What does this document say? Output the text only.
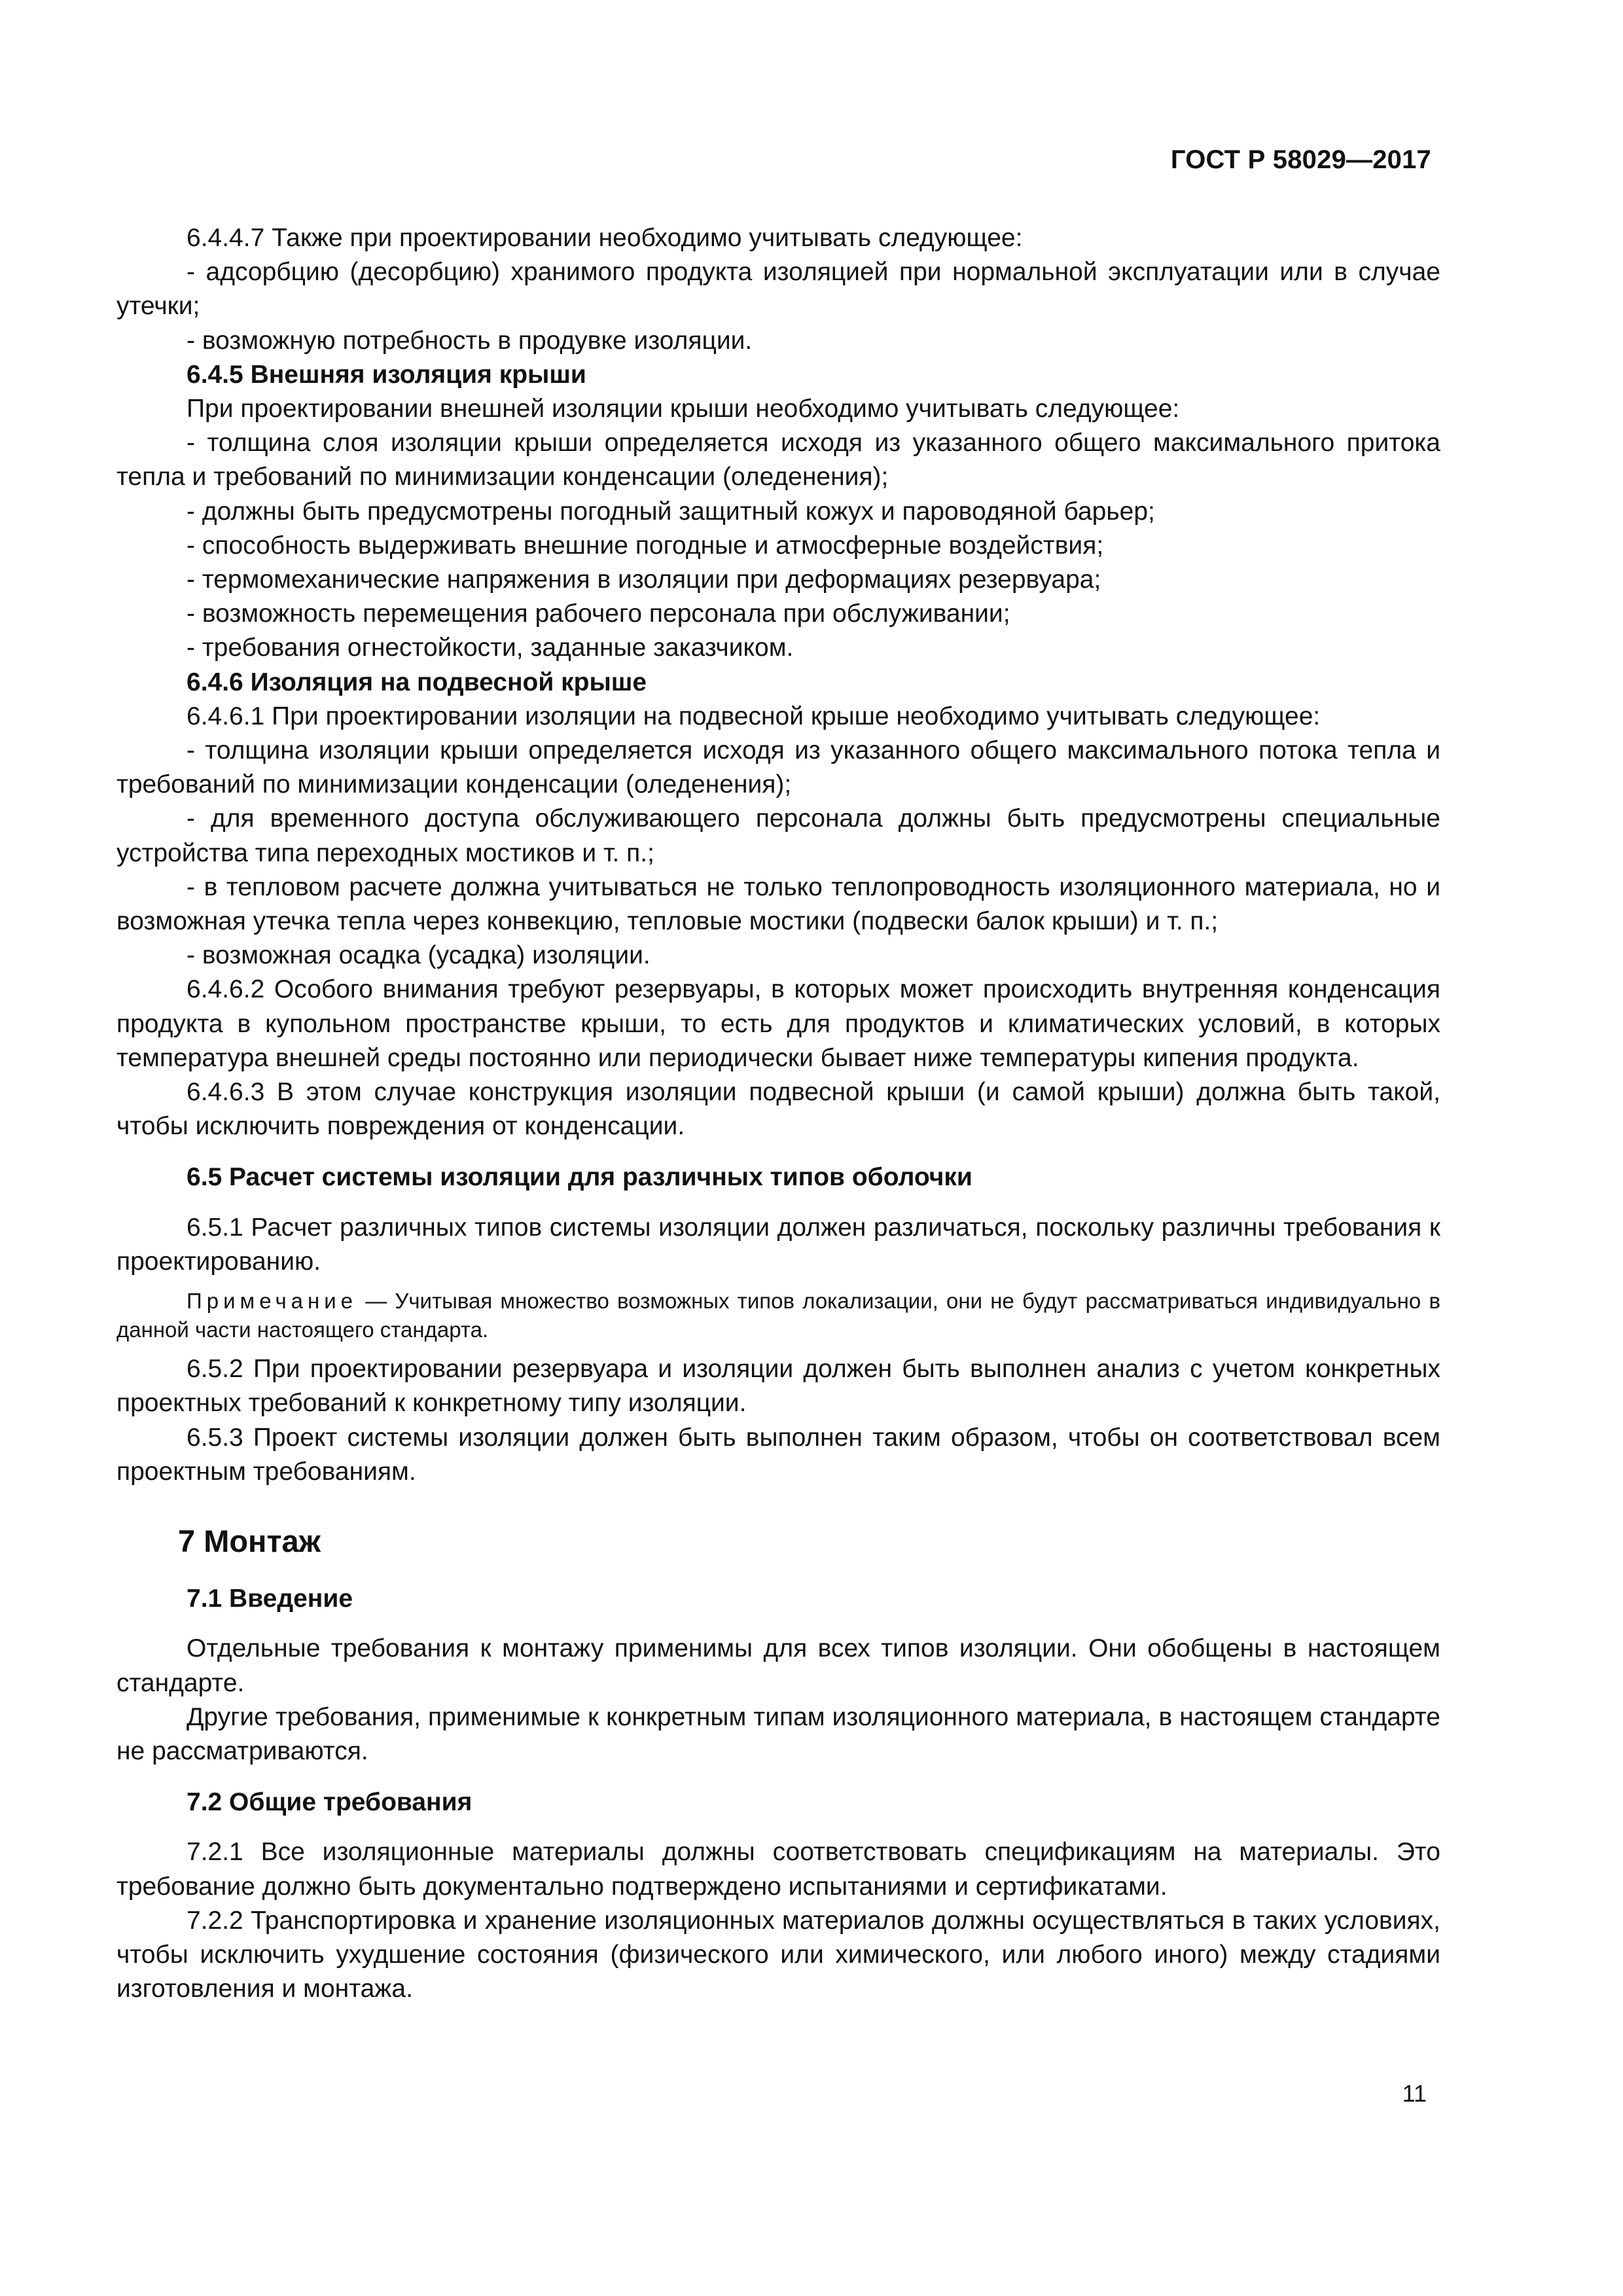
ГОСТ Р 58029—2017

6.4.4.7 Также при проектировании необходимо учитывать следующее:

- адсорбцию (десорбцию) хранимого продукта изоляцией при нормальной эксплуатации или в случае утечки;

- возможную потребность в продувке изоляции.

6.4.5 Внешняя изоляция крыши

При проектировании внешней изоляции крыши необходимо учитывать следующее:

- толщина слоя изоляции крыши определяется исходя из указанного общего максимального притока тепла и требований по минимизации конденсации (оледенения);

- должны быть предусмотрены погодный защитный кожух и пароводяной барьер;

- способность выдерживать внешние погодные и атмосферные воздействия;

- термомеханические напряжения в изоляции при деформациях резервуара;

- возможность перемещения рабочего персонала при обслуживании;

- требования огнестойкости, заданные заказчиком.

6.4.6 Изоляция на подвесной крыше

6.4.6.1 При проектировании изоляции на подвесной крыше необходимо учитывать следующее:

- толщина изоляции крыши определяется исходя из указанного общего максимального потока тепла и требований по минимизации конденсации (оледенения);

- для временного доступа обслуживающего персонала должны быть предусмотрены специальные устройства типа переходных мостиков и т. п.;

- в тепловом расчете должна учитываться не только теплопроводность изоляционного материала, но и возможная утечка тепла через конвекцию, тепловые мостики (подвески балок крыши) и т. п.;

- возможная осадка (усадка) изоляции.

6.4.6.2 Особого внимания требуют резервуары, в которых может происходить внутренняя конденсация продукта в купольном пространстве крыши, то есть для продуктов и климатических условий, в которых температура внешней среды постоянно или периодически бывает ниже температуры кипения продукта.

6.4.6.3 В этом случае конструкция изоляции подвесной крыши (и самой крыши) должна быть такой, чтобы исключить повреждения от конденсации.

6.5 Расчет системы изоляции для различных типов оболочки

6.5.1 Расчет различных типов системы изоляции должен различаться, поскольку различны требования к проектированию.

Примечание — Учитывая множество возможных типов локализации, они не будут рассматриваться индивидуально в данной части настоящего стандарта.

6.5.2 При проектировании резервуара и изоляции должен быть выполнен анализ с учетом конкретных проектных требований к конкретному типу изоляции.

6.5.3 Проект системы изоляции должен быть выполнен таким образом, чтобы он соответствовал всем проектным требованиям.

7 Монтаж

7.1 Введение

Отдельные требования к монтажу применимы для всех типов изоляции. Они обобщены в настоящем стандарте.

Другие требования, применимые к конкретным типам изоляционного материала, в настоящем стандарте не рассматриваются.

7.2 Общие требования

7.2.1 Все изоляционные материалы должны соответствовать спецификациям на материалы. Это требование должно быть документально подтверждено испытаниями и сертификатами.

7.2.2 Транспортировка и хранение изоляционных материалов должны осуществляться в таких условиях, чтобы исключить ухудшение состояния (физического или химического, или любого иного) между стадиями изготовления и монтажа.

11
